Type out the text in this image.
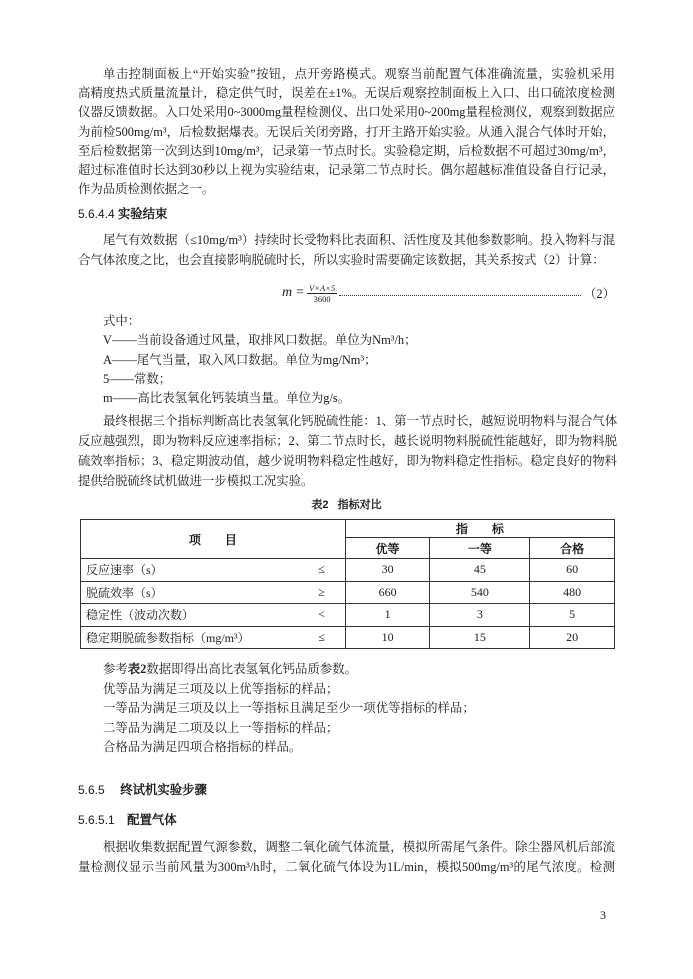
单击控制面板上“开始实验”按钮，点开旁路模式。观察当前配置气体准确流量，实验机采用
高精度热式质量流量计，稳定供气时，误差在±1%。无误后观察控制面板上入口、出口硫浓度检测
仪器反馈数据。入口处采用0~3000mg量程检测仪、出口处采用0~200mg量程检测仪，观察到数据应
为前检500mg/m³，后检数据爆表。无误后关闭旁路，打开主路开始实验。从通入混合气体时开始，
至后检数据第一次到达到10mg/m³，记录第一节点时长。实验稳定期，后检数据不可超过30mg/m³，
超过标准值时长达到30秒以上视为实验结束，记录第二节点时长。偶尔超越标准值设备自行记录，
作为品质检测依据之一。
5.6.4.4 实验结束
尾气有效数据（≤10mg/m³）持续时长受物料比表面积、活性度及其他参数影响。投入物料与混
合气体浓度之比，也会直接影响脱硫时长，所以实验时需要确定该数据，其关系按式（2）计算：
$m = \frac{V\times A\times 5}{3600}$	（2）
式中：
V——当前设备通过风量，取排风口数据。单位为Nm³/h；
A——尾气当量，取入风口数据。单位为mg/Nm³；
5——常数；
m——高比表氢氧化钙装填当量。单位为g/s。
最终根据三个指标判断高比表氢氧化钙脱硫性能：1、第一节点时长，越短说明物料与混合气体
反应越强烈，即为物料反应速率指标；2、第二节点时长，越长说明物料脱硫性能越好，即为物料脱
硫效率指标；3、稳定期波动值，越少说明物料稳定性越好，即为物料稳定性指标。稳定良好的物料
提供给脱硫终试机做进一步模拟工况实验。
表2 指标对比
项　　目		指　　标		
		优等	一等	合格
反应速率（s）	≤	30	45	60
脱硫效率（s）	≥	660	540	480
稳定性（波动次数）	<	1	3	5
稳定期脱硫参数指标（mg/m³）	≤	10	15	20
参考表2数据即得出高比表氢氧化钙品质参数。
优等品为满足三项及以上优等指标的样品；
一等品为满足三项及以上一等指标且满足至少一项优等指标的样品；
二等品为满足二项及以上一等指标的样品；
合格品为满足四项合格指标的样品。
5.6.5 终试机实验步骤
5.6.5.1 配置气体
根据收集数据配置气源参数，调整二氧化硫气体流量，模拟所需尾气条件。除尘器风机后部流
量检测仪显示当前风量为300m³/h时，二氧化硫气体设为1L/min，模拟500mg/m³的尾气浓度。检测
3
